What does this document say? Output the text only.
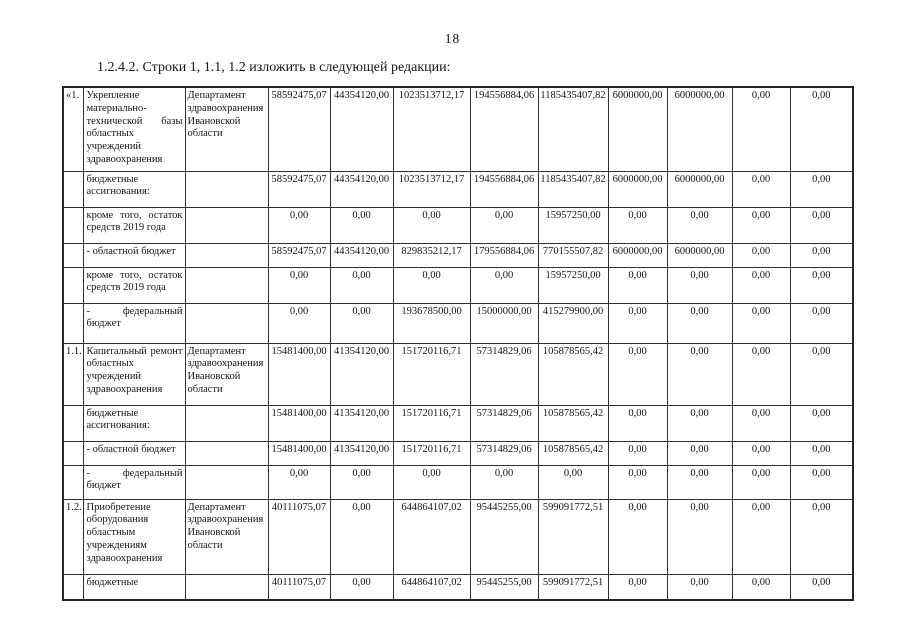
18
1.2.4.2. Строки 1, 1.1, 1.2 изложить в следующей редакции:
«1.	Укрепление материально-технической базы областных учреждений здравоохранения	Департамент здравоохранения Ивановской области	58592475,07	44354120,00	1023513712,17	194556884,06	1185435407,82	6000000,00	6000000,00	0,00	0,00
	бюджетные ассигнования:		58592475,07	44354120,00	1023513712,17	194556884,06	1185435407,82	6000000,00	6000000,00	0,00	0,00
	кроме того, остаток средств 2019 года		0,00	0,00	0,00	0,00	15957250,00	0,00	0,00	0,00	0,00
	- областной бюджет		58592475,07	44354120,00	829835212,17	179556884,06	770155507,82	6000000,00	6000000,00	0,00	0,00
	кроме того, остаток средств 2019 года		0,00	0,00	0,00	0,00	15957250,00	0,00	0,00	0,00	0,00
	- федеральный бюджет		0,00	0,00	193678500,00	15000000,00	415279900,00	0,00	0,00	0,00	0,00
1.1.	Капитальный ремонт областных учреждений здравоохранения	Департамент здравоохранения Ивановской области	15481400,00	41354120,00	151720116,71	57314829,06	105878565,42	0,00	0,00	0,00	0,00
	бюджетные ассигнования:		15481400,00	41354120,00	151720116,71	57314829,06	105878565,42	0,00	0,00	0,00	0,00
	- областной бюджет		15481400,00	41354120,00	151720116,71	57314829,06	105878565,42	0,00	0,00	0,00	0,00
	- федеральный бюджет		0,00	0,00	0,00	0,00	0,00	0,00	0,00	0,00	0,00
1.2.	Приобретение оборудования областным учреждениям здравоохранения	Департамент здравоохранения Ивановской области	40111075,07	0,00	644864107,02	95445255,00	599091772,51	0,00	0,00	0,00	0,00
	бюджетные		40111075,07	0,00	644864107,02	95445255,00	599091772,51	0,00	0,00	0,00	0,00
